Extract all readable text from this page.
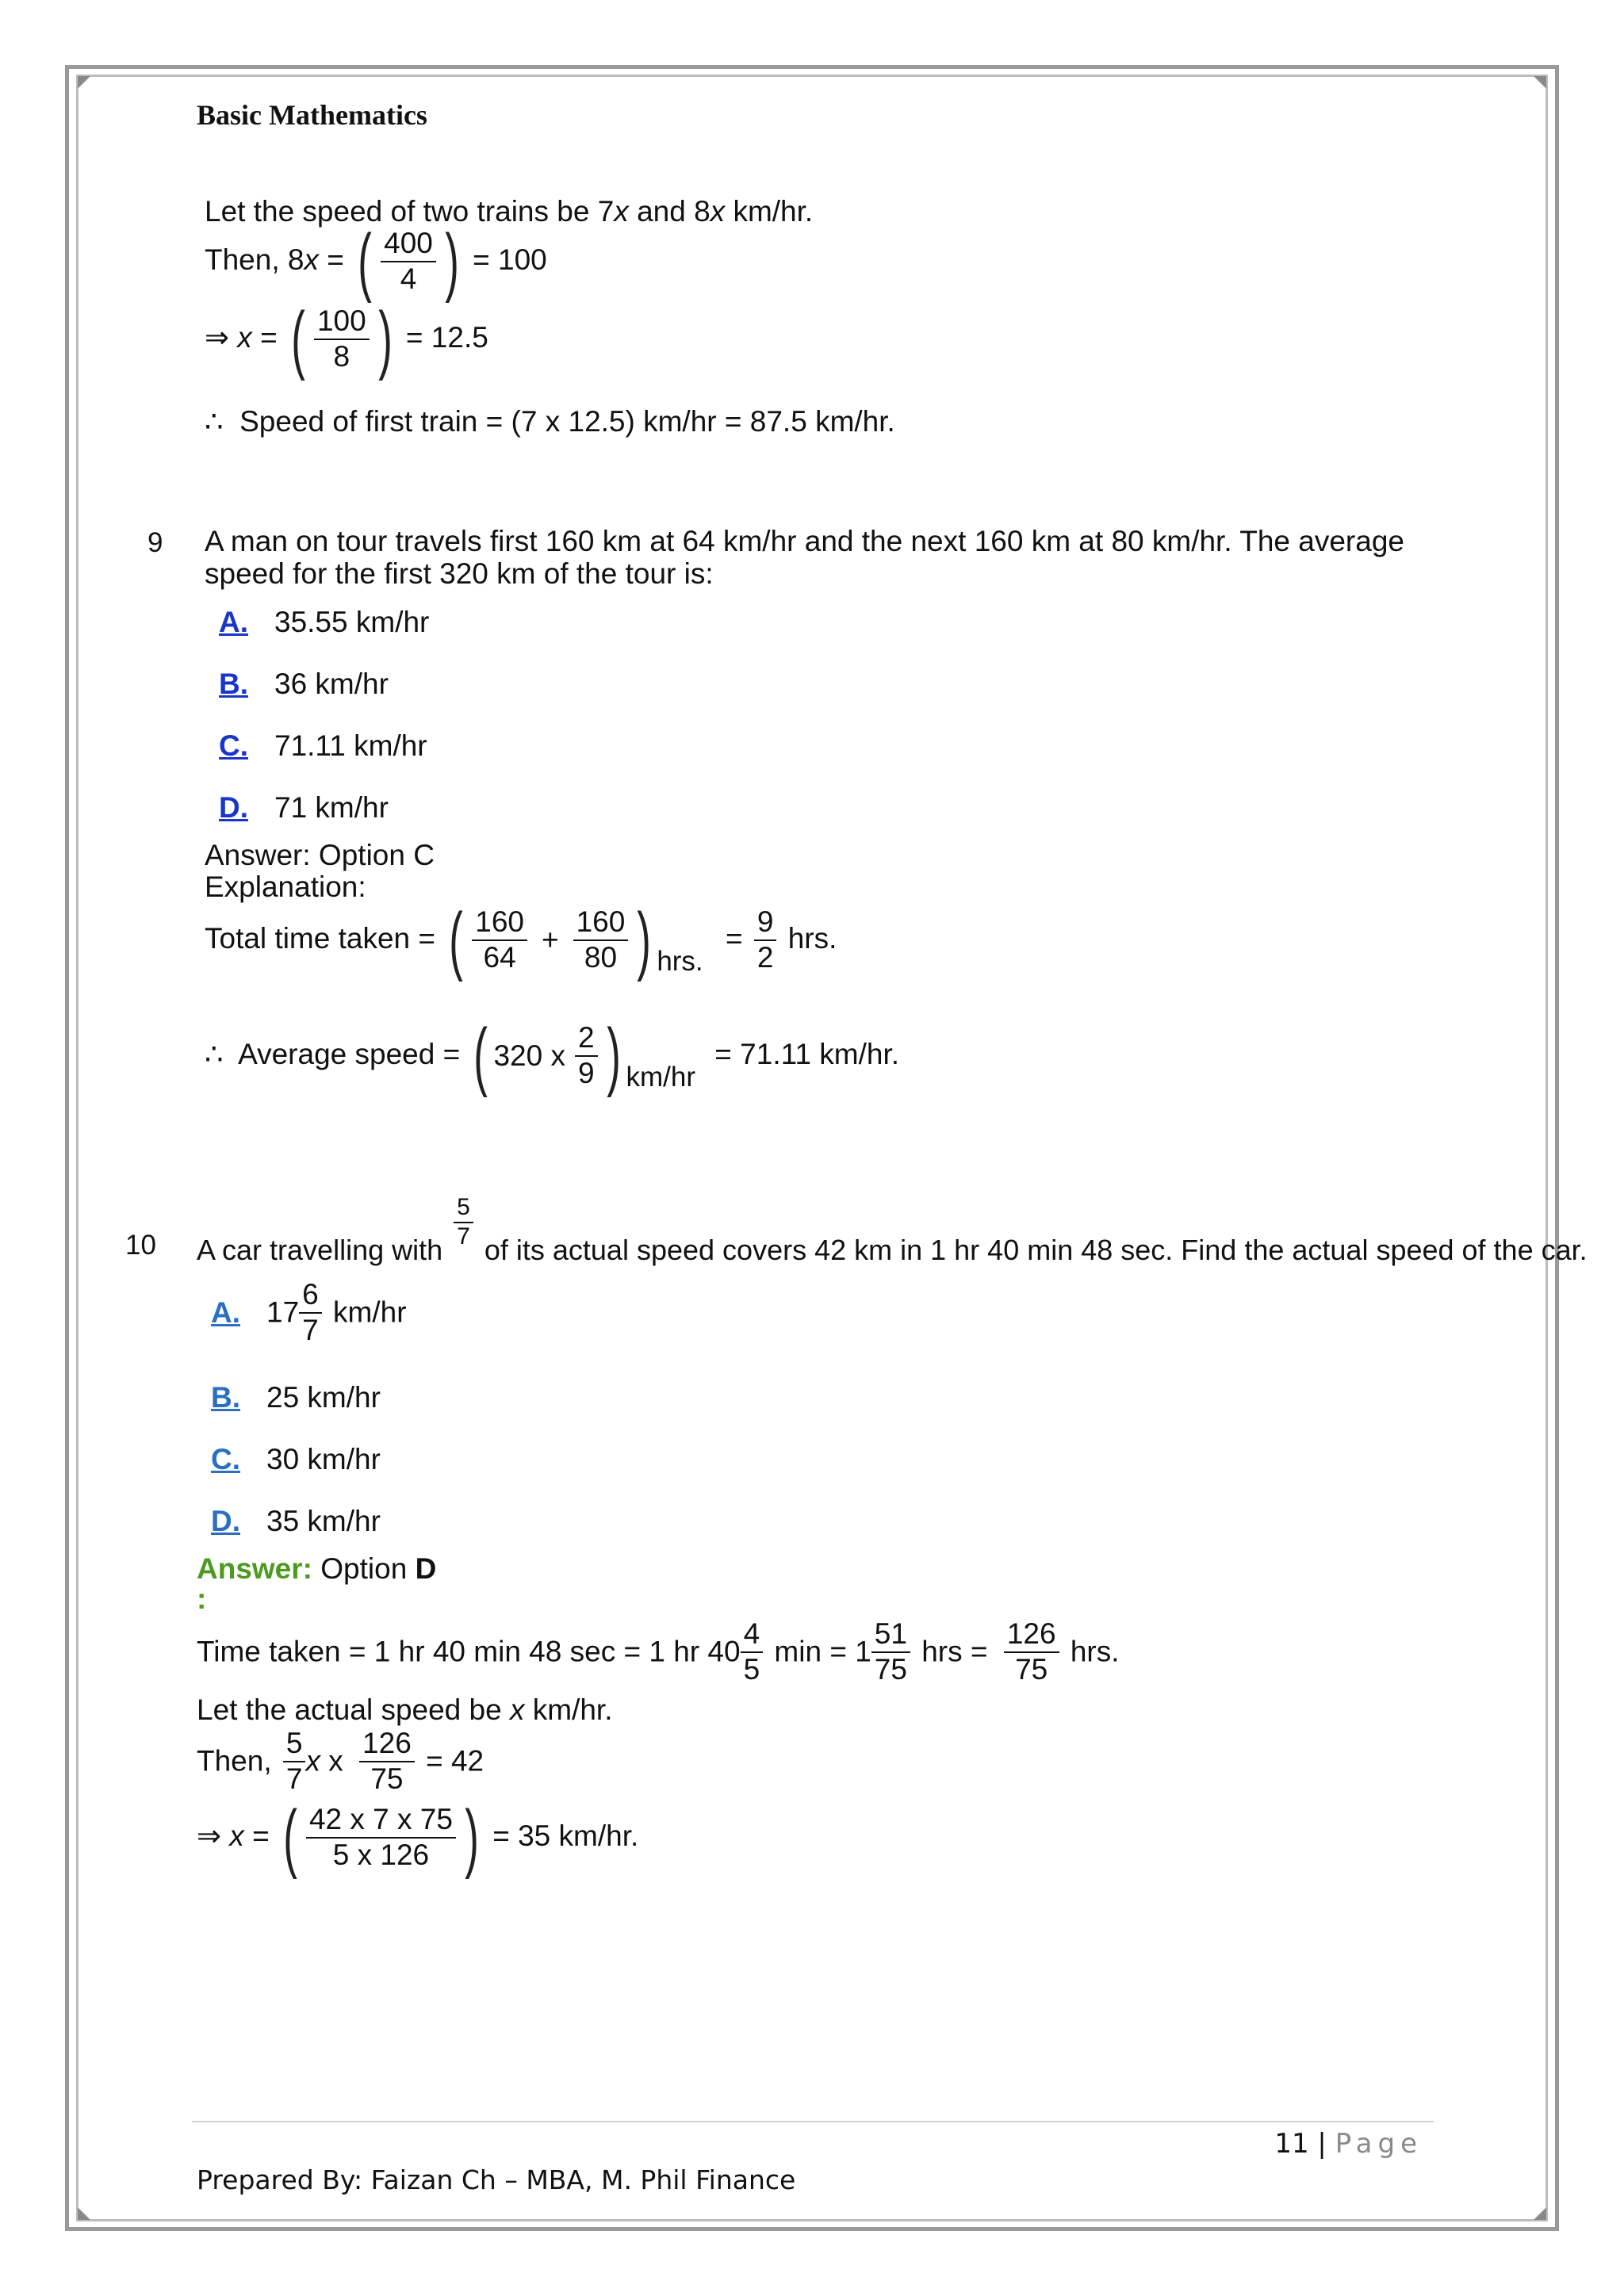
Basic Mathematics
Let the speed of two trains be 7x and 8x km/hr.
Then, 8x = ( $\frac{400}{4}$
) = 100
⇒ x = ( $\frac{100}{8}$
) = 12.5
∴ Speed of first train = (7 x 12.5) km/hr = 87.5 km/hr.
9 A man on tour travels first 160 km at 64 km/hr and the next 160 km at 80 km/hr. The average
speed for the first 320 km of the tour is:
A. 35.55 km/hr
B. 36 km/hr
C. 71.11 km/hr
D. 71 km/hr
Answer: Option C
Explanation:
Total time taken = ( $\frac{160}{64} + \frac{160}{80}$
) hrs. = $\frac{9}{2}$ hrs.
∴ Average speed = ( 320 x $\frac{2}{9}$
) km/hr = 71.11 km/hr.
10 A car travelling with $\frac{5}{7}$ of its actual speed covers 42 km in 1 hr 40 min 48 sec. Find the actual speed of the car.
A. $17 \frac{6}{7} km/hr$
B. 25 km/hr
C. 30 km/hr
D. 35 km/hr
Answer: Option D
:
Time taken = 1 hr 40 min 48 sec = 1 hr $40 \frac{4}{5}$ $\min = 1 \frac{51}{75}$ hrs = $\frac{126}{75}$ hrs.
Let the actual speed be x km/hr.
Then, $\frac{5}{7}$ x x $\frac{126}{75} = 42$
⇒ x = ( $\frac{42 x 7 x 75}{5 x 126}$
) = 35 km/hr.
11 | Page
Prepared By: Faizan Ch – MBA, M. Phil Finance
